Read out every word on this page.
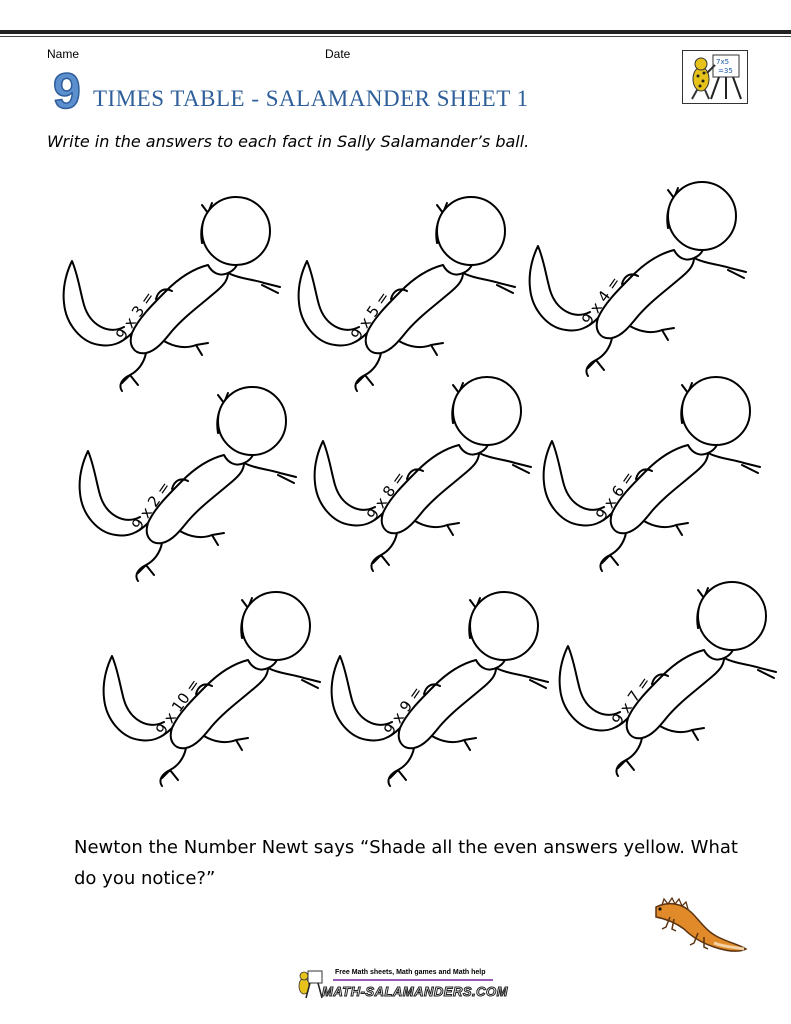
Name	Date
9 TIMES TABLE - SALAMANDER SHEET 1
7x5
=35
Write in the answers to each fact in Sally Salamander’s ball.
9 x 3 =	9 x 5 =	9 x 4 =
9 x 2 =	9 x 8 =	9 x 6 =
9 x 10 =	9 x 9 =	9 x 7 =
Newton the Number Newt says “Shade all the even answers yellow. What do you notice?”
Free Math sheets, Math games and Math help
MATH-SALAMANDERS.COM
